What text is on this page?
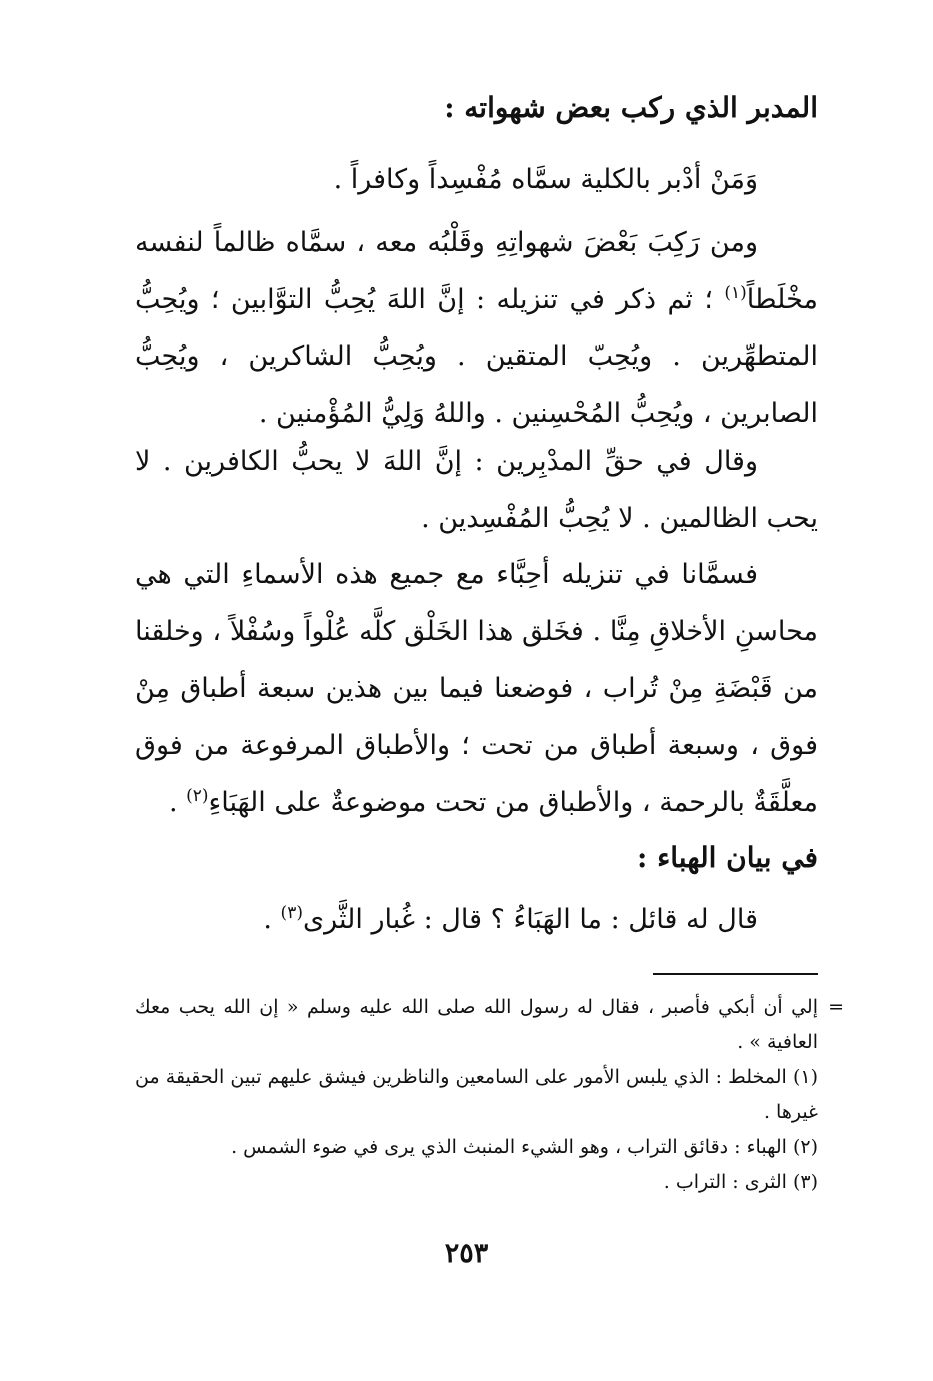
المدبر الذي ركب بعض شهواته :
وَمَنْ أدْبر بالكلية سمَّاه مُفْسِداً وكافراً .
ومن رَكِبَ بَعْضَ شهواتِهِ وقَلْبُه معه ، سمَّاه ظالماً لنفسه مخْلَطاً$^{(١)}$ ؛ ثم ذكر في تنزيله : إنَّ اللهَ يُحِبُّ التوَّابين ؛ ويُحِبُّ المتطهِّرين . ويُحِبّ المتقين . ويُحِبُّ الشاكرين ، ويُحِبُّ الصابرين ، ويُحِبُّ المُحْسِنين . واللهُ وَلِيُّ المُؤْمنين .
وقال في حقِّ المدْبِرين : إنَّ اللهَ لا يحبُّ الكافرين . لا يحب الظالمين . لا يُحِبُّ المُفْسِدين .
فسمَّانا في تنزيله أحِبَّاء مع جميع هذه الأسماءِ التي هي محاسنِ الأخلاقِ مِنَّا . فخَلق هذا الخَلْق كلَّه عُلْواً وسُفْلاً ، وخلقنا من قَبْضَةِ مِنْ تُراب ، فوضعنا فيما بين هذين سبعة أطباق مِنْ فوق ، وسبعة أطباق من تحت ؛ والأطباق المرفوعة من فوق معلَّقَةٌ بالرحمة ، والأطباق من تحت موضوعةٌ على الهَبَاءِ$^{(٢)}$ .
في بيان الهباء :
قال له قائل : ما الهَبَاءُ ؟ قال : غُبار الثَّرى$^{(٣)}$ .
=
إلي أن أبكي فأصبر ، فقال له رسول الله صلى الله عليه وسلم « إن الله يحب معك العافية » .
(١) المخلط : الذي يلبس الأمور على السامعين والناظرين فيشق عليهم تبين الحقيقة من غيرها .
(٢) الهباء : دقائق التراب ، وهو الشيء المنبث الذي يرى في ضوء الشمس .
(٣) الثرى : التراب .
٢٥٣
